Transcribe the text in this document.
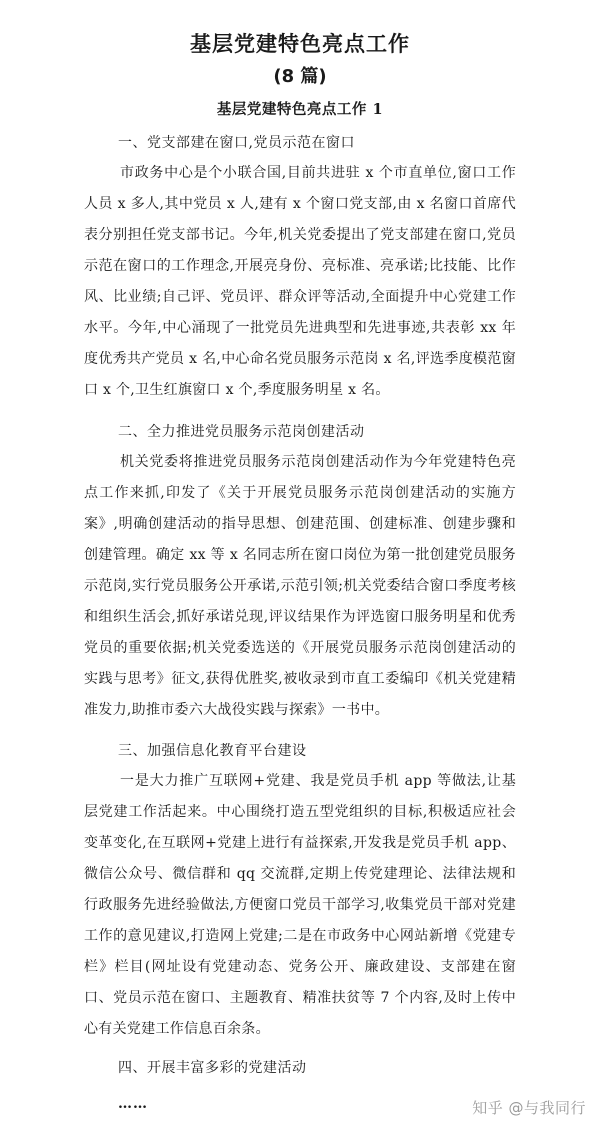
基层党建特色亮点工作
(8 篇)
基层党建特色亮点工作 1

一、党支部建在窗口,党员示范在窗口

市政务中心是个小联合国,目前共进驻 x 个市直单位,窗口工作人员 x 多人,其中党员 x 人,建有 x 个窗口党支部,由 x 名窗口首席代表分别担任党支部书记。今年,机关党委提出了党支部建在窗口,党员示范在窗口的工作理念,开展亮身份、亮标准、亮承诺;比技能、比作风、比业绩;自己评、党员评、群众评等活动,全面提升中心党建工作水平。今年,中心涌现了一批党员先进典型和先进事迹,共表彰 xx 年度优秀共产党员 x 名,中心命名党员服务示范岗 x 名,评选季度模范窗口 x 个,卫生红旗窗口 x 个,季度服务明星 x 名。

二、全力推进党员服务示范岗创建活动

机关党委将推进党员服务示范岗创建活动作为今年党建特色亮点工作来抓,印发了《关于开展党员服务示范岗创建活动的实施方案》,明确创建活动的指导思想、创建范围、创建标准、创建步骤和创建管理。确定 xx 等 x 名同志所在窗口岗位为第一批创建党员服务示范岗,实行党员服务公开承诺,示范引领;机关党委结合窗口季度考核和组织生活会,抓好承诺兑现,评议结果作为评选窗口服务明星和优秀党员的重要依据;机关党委选送的《开展党员服务示范岗创建活动的实践与思考》征文,获得优胜奖,被收录到市直工委编印《机关党建精准发力,助推市委六大战役实践与探索》一书中。

三、加强信息化教育平台建设

一是大力推广互联网+党建、我是党员手机 app 等做法,让基层党建工作活起来。中心围绕打造五型党组织的目标,积极适应社会变革变化,在互联网+党建上进行有益探索,开发我是党员手机 app、微信公众号、微信群和 qq 交流群,定期上传党建理论、法律法规和行政服务先进经验做法,方便窗口党员干部学习,收集党员干部对党建工作的意见建议,打造网上党建;二是在市政务中心网站新增《党建专栏》栏目(网址设有党建动态、党务公开、廉政建设、支部建在窗口、党员示范在窗口、主题教育、精准扶贫等 7 个内容,及时上传中心有关党建工作信息百余条。

四、开展丰富多彩的党建活动

……	知乎 @与我同行
